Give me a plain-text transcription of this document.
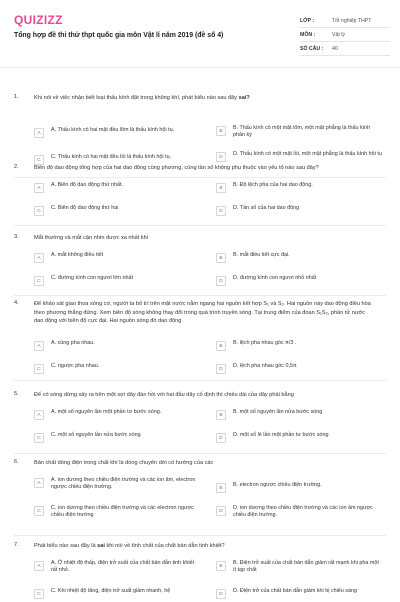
QUIZIZZ
Tổng hợp đề thi thử thpt quốc gia môn Vật lí năm 2019 (đề số 4)
LỚP :	Tốt nghiệp THPT
MÔN :	Vật lý
SỐ CÂU :	40
1.	Khi nói về việc nhận biết loại thấu kính đặt trong không khí, phát biểu nào sau đây sai?
A	A. Thấu kính có hai mặt đều lõm là thấu kính hội tụ.	B	B. Thấu kính có một mặt lõm, một mặt phẳng là thấu kính phân kỳ
C	C. Thấu kính có hai mặt đều lồi là thấu kính hội tụ.	D	D. Thấu kính có một mặt lồi, một mặt phẳng là thấu kính hội tụ
2.	Biên độ dao động tổng hợp của hai dao động cùng phương, cùng tần số không phụ thuộc vào yếu tố nào sau đây?
A	A. Biên độ dao động thứ nhất.	B	B. Độ lệch pha của hai dao động.
C	C. Biên độ dao động thứ hai	D	D. Tần số của hai dao động
3.	Mắt thường và mắt cận nhìn được xa nhất khi
A	A. mắt không điều tiết	B	B. mắt điều tiết cực đại.
C	C. đường kính con ngươi lớn nhất	D	D. đường kính con ngươi nhỏ nhất
4.	Để khảo sát giao thoa sóng cơ, người ta bố trí trên mặt nước nằm ngang hai nguồn kết hợp S₁ và S₂. Hai nguồn này dao động điều hòa theo phương thẳng đứng. Xem biên độ sóng không thay đổi trong quá trình truyền sóng. Tại trung điểm của đoạn S₁S₂, phần tử nước dao động với biên độ cực đại. Hai nguồn sóng đó dao động
A	A. cùng pha nhau.	B	B. lệch pha nhau góc π/3 .
C	C. ngược pha nhau.	D	D. lệch pha nhau góc 0,5π
5.	Để có sóng dừng xảy ra trên một sợi dây đàn hồi với hai đầu dây cố định thì chiều dài của dây phải bằng
A	A. một số nguyên lần một phần tư bước sóng.	B	B. một số nguyên lần nửa bước sóng
C	C. một số nguyên lần nửa bước sóng	D	D. một số lẻ lần một phần tư bước sóng
6.	Bản chất dòng điện trong chất khí là dòng chuyển dời có hướng của các
A	A. ion dương theo chiều điện trường và các ion âm, electron ngược chiều điện trường.	B	B. electron ngược chiều điện trường.
C	C. ion dương theo chiều điện trường và các electron ngược chiều điện trường
D	D. ion dương theo chiều điện trường và các ion âm ngược chiều điện trường.
7.	Phát biểu nào sau đây là sai khi nói về tính chất của chất bán dẫn tinh khiết?
A	A. Ở nhiệt độ thấp, điện trở suất của chất bán dẫn tinh khiết rất nhỏ.
B	B. Điện trở suất của chất bán dẫn giảm rất mạnh khi pha một ít tạp chất
C	C. Khi nhiệt độ tăng, điện trở suất giảm nhanh, hệ	D	D. Điện trở của chất bán dẫn giảm khi bị chiếu sáng
